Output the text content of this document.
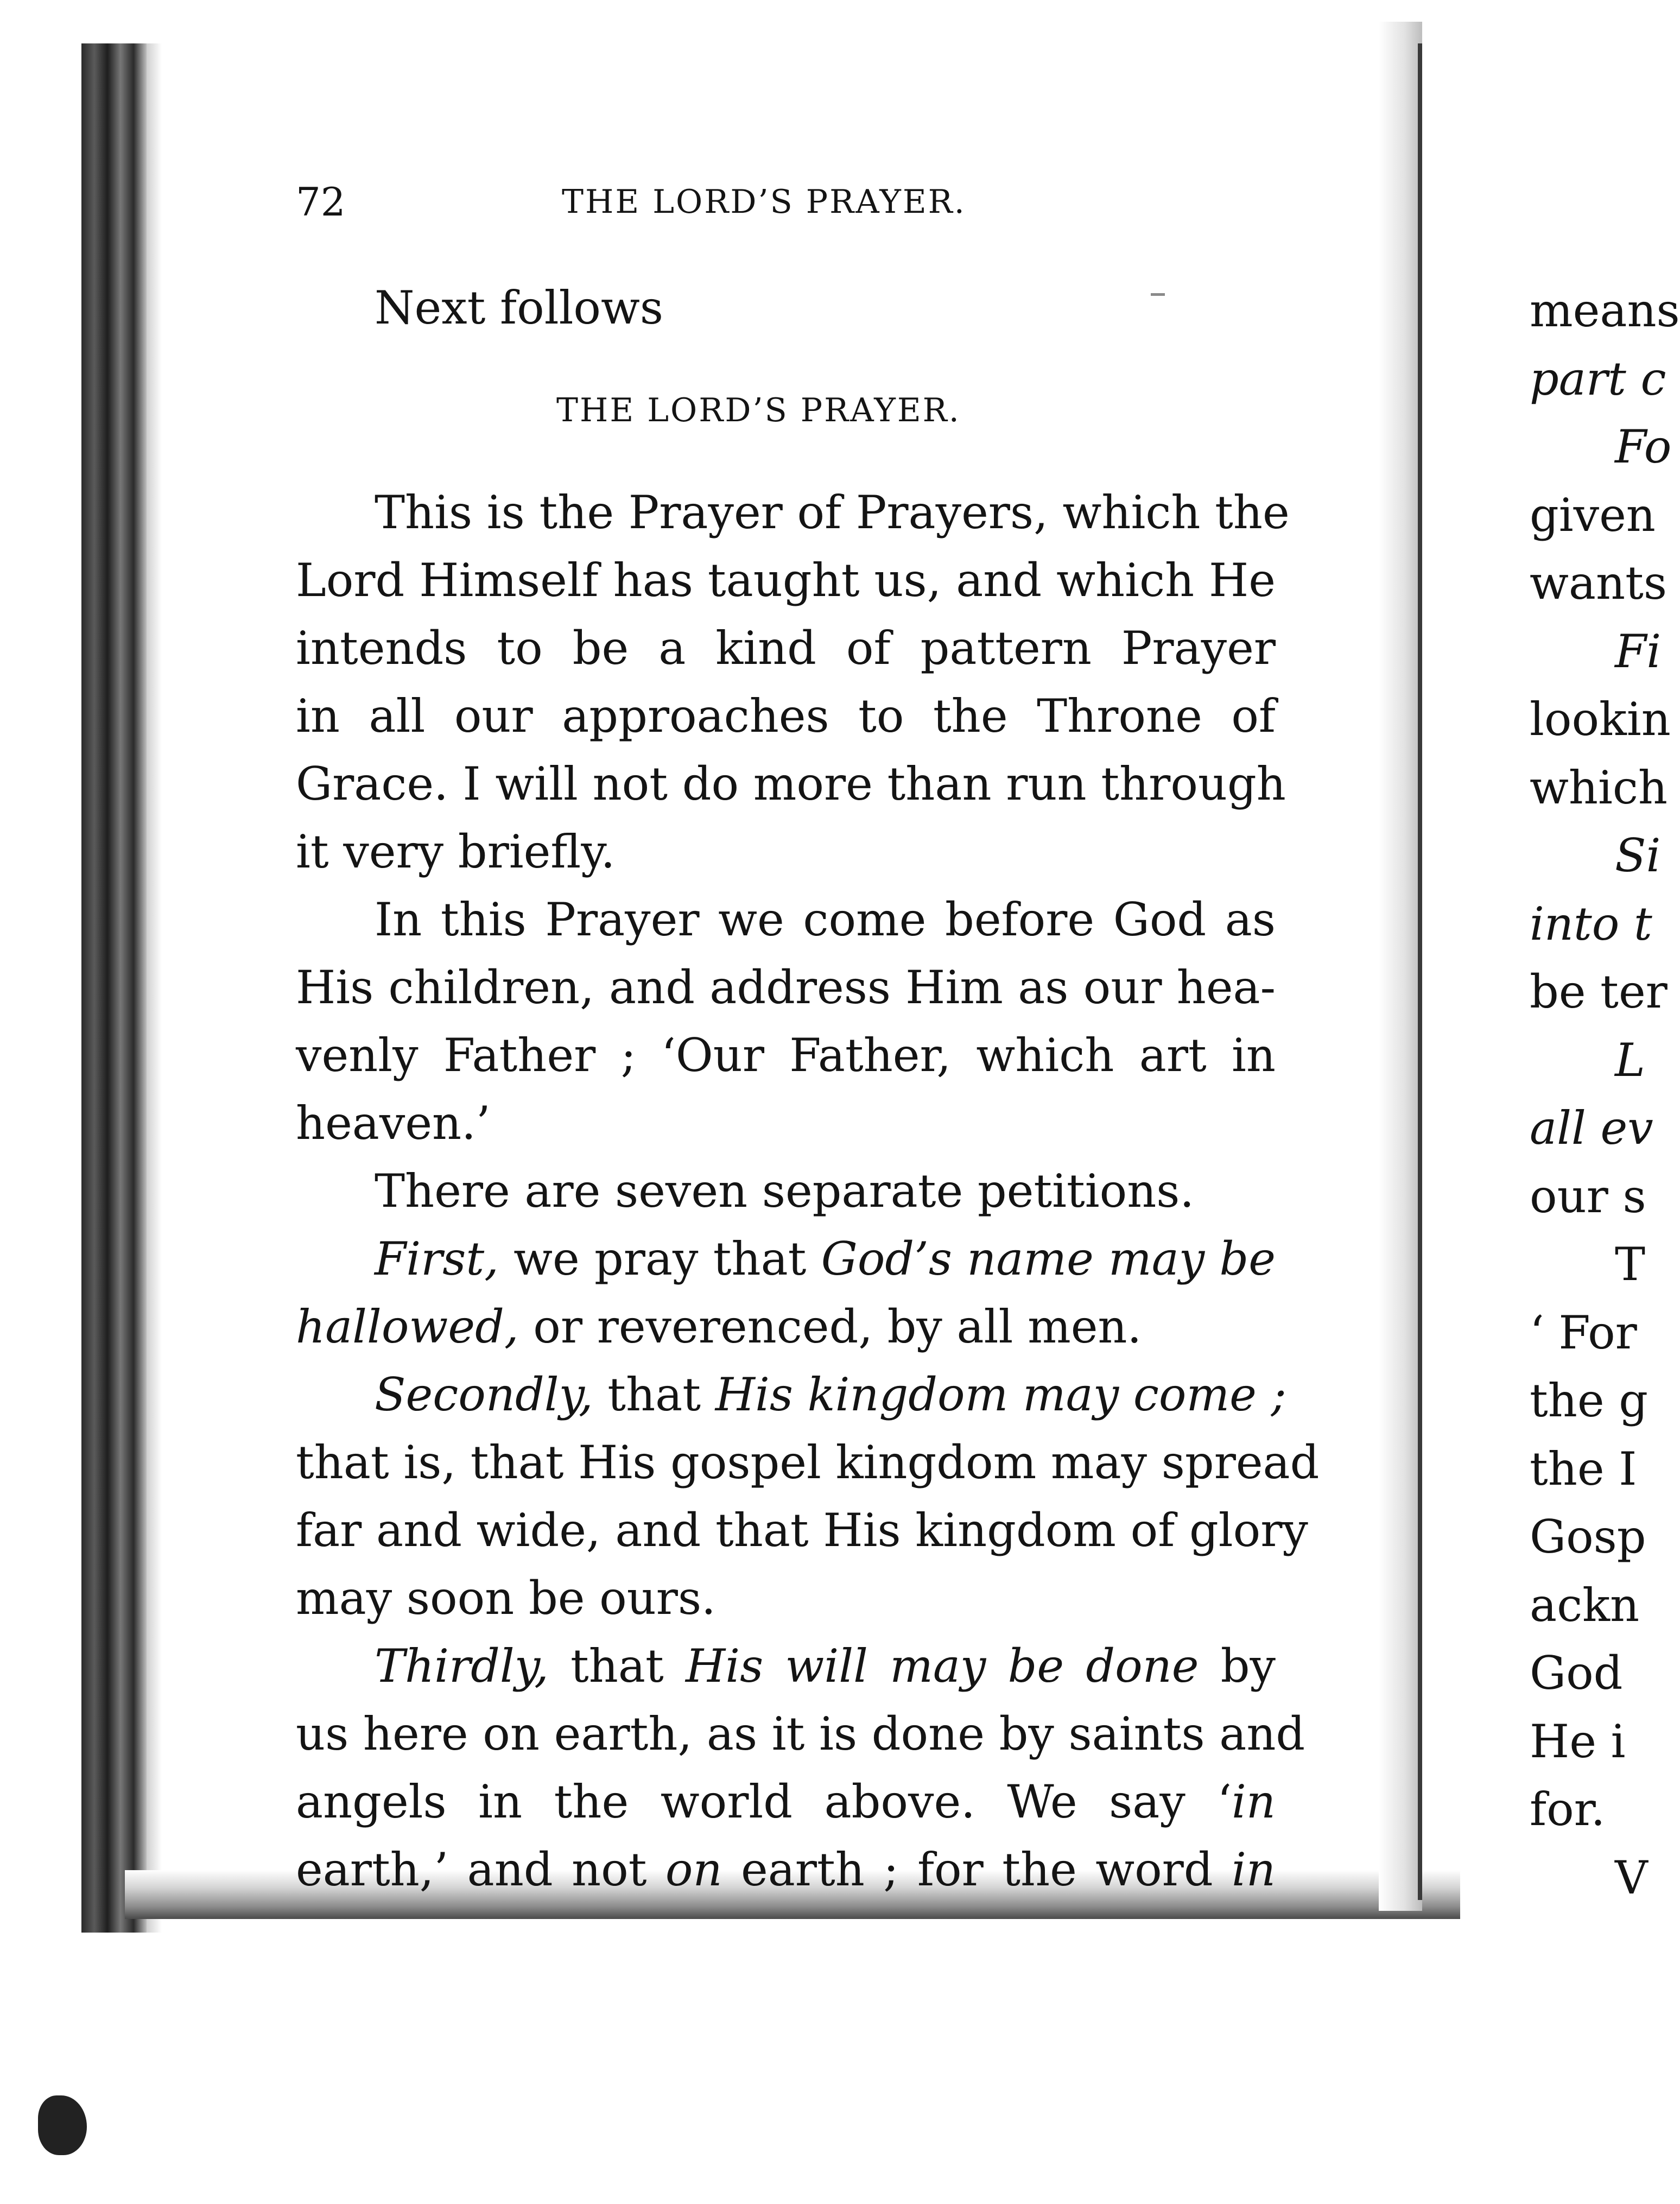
72	THE LORD’S PRAYER.
Next follows
THE LORD’S PRAYER.
This is the Prayer of Prayers, which the
Lord Himself has taught us, and which He
intends to be a kind of pattern Prayer
in all our approaches to the Throne of
Grace. I will not do more than run through
it very briefly.
In this Prayer we come before God as
His children, and address Him as our hea-
venly Father ; ‘Our Father, which art in
heaven.’
There are seven separate petitions.
First, we pray that God’s name may be
hallowed, or reverenced, by all men.
Secondly, that His kingdom may come ;
that is, that His gospel kingdom may spread
far and wide, and that His kingdom of glory
may soon be ours.
Thirdly, that His will may be done by
us here on earth, as it is done by saints and
angels in the world above. We say ‘in
earth,’ and not on earth ; for the word in
means
part c
Fo
given
wants
Fi
lookin
which
Si
into t
be ter
L
all ev
our s
T
‘ For
the g
the I
Gosp
ackn
God
He i
for.
V
